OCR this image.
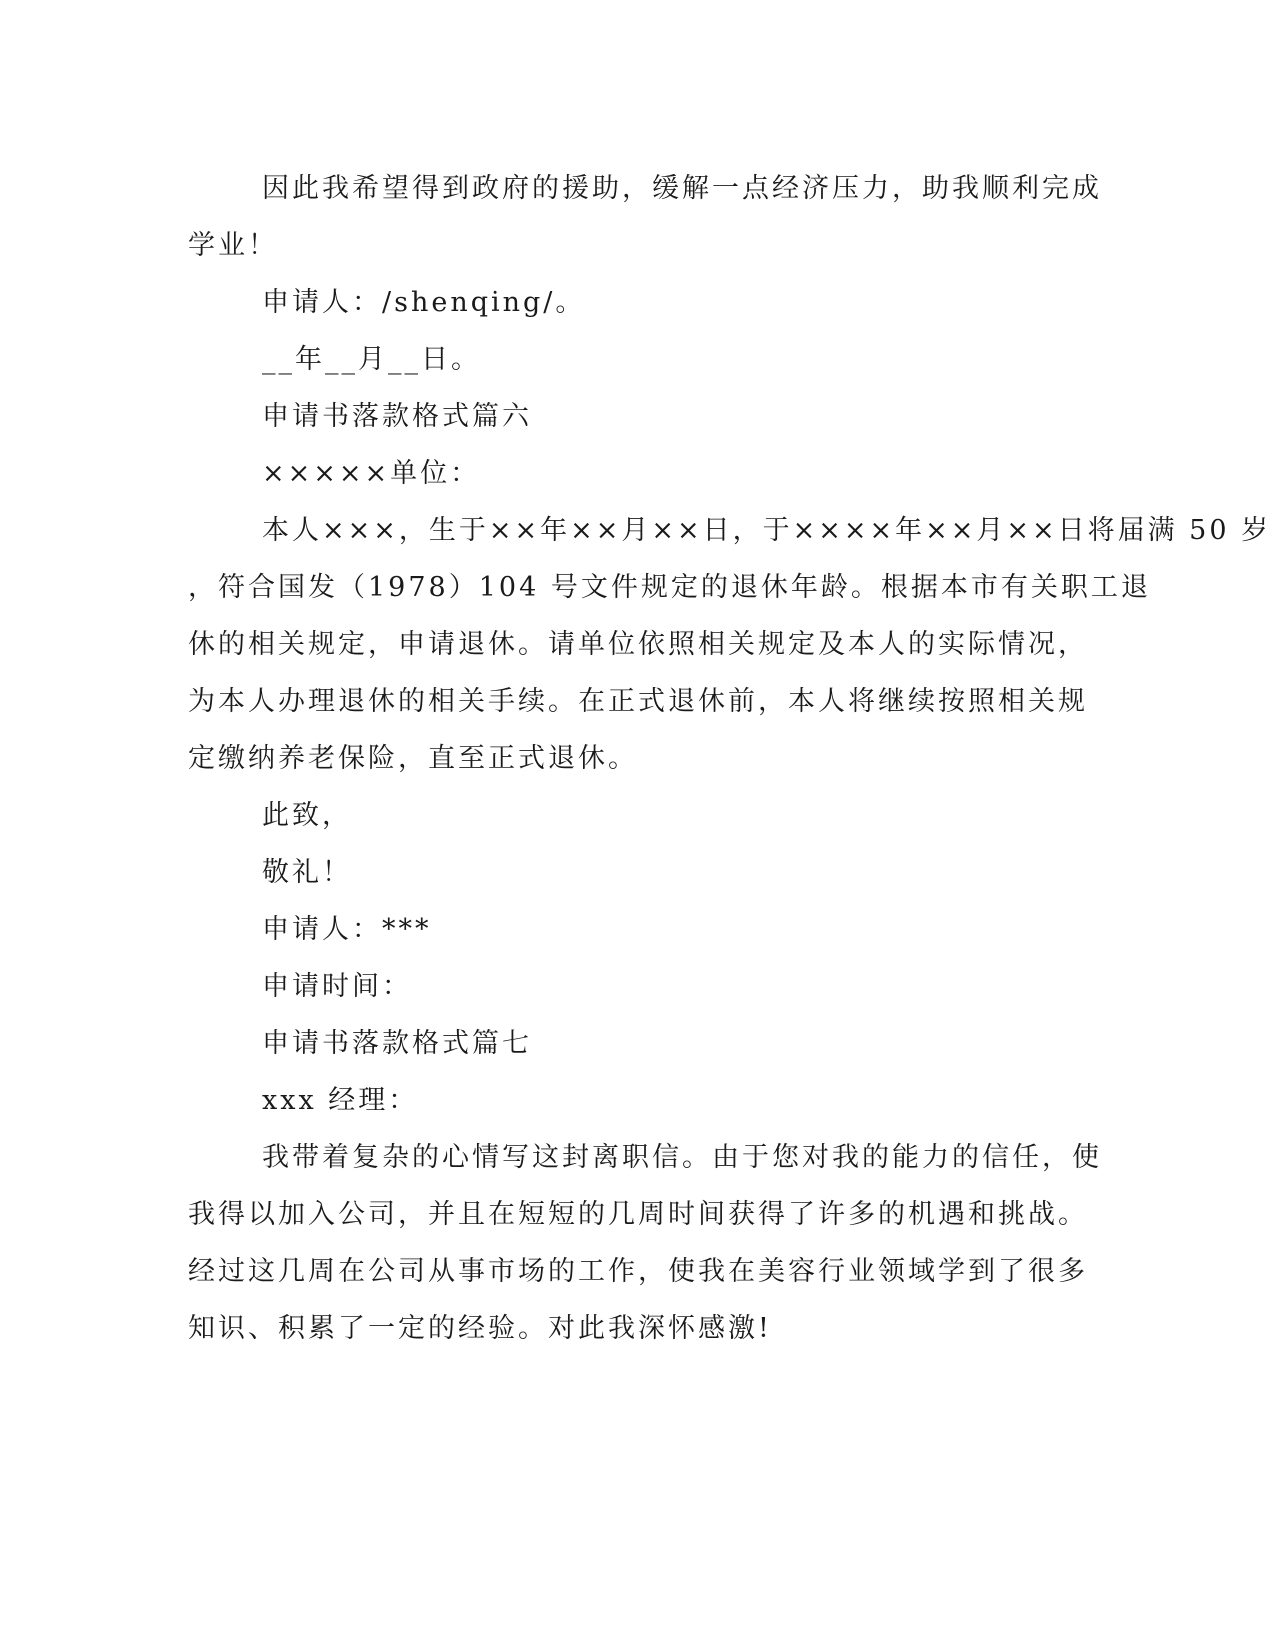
因此我希望得到政府的援助，缓解一点经济压力，助我顺利完成

学业！

申请人：/shenqing/。

__年__月__日。

申请书落款格式篇六

×××××单位：

本人×××，生于××年××月××日，于××××年××月××日将届满 50 岁

，符合国发（1978）104 号文件规定的退休年龄。根据本市有关职工退

休的相关规定，申请退休。请单位依照相关规定及本人的实际情况，

为本人办理退休的相关手续。在正式退休前，本人将继续按照相关规

定缴纳养老保险，直至正式退休。

此致，

敬礼！

申请人：***

申请时间：

申请书落款格式篇七

xxx 经理：

我带着复杂的心情写这封离职信。由于您对我的能力的信任，使

我得以加入公司，并且在短短的几周时间获得了许多的机遇和挑战。

经过这几周在公司从事市场的工作，使我在美容行业领域学到了很多

知识、积累了一定的经验。对此我深怀感激!
